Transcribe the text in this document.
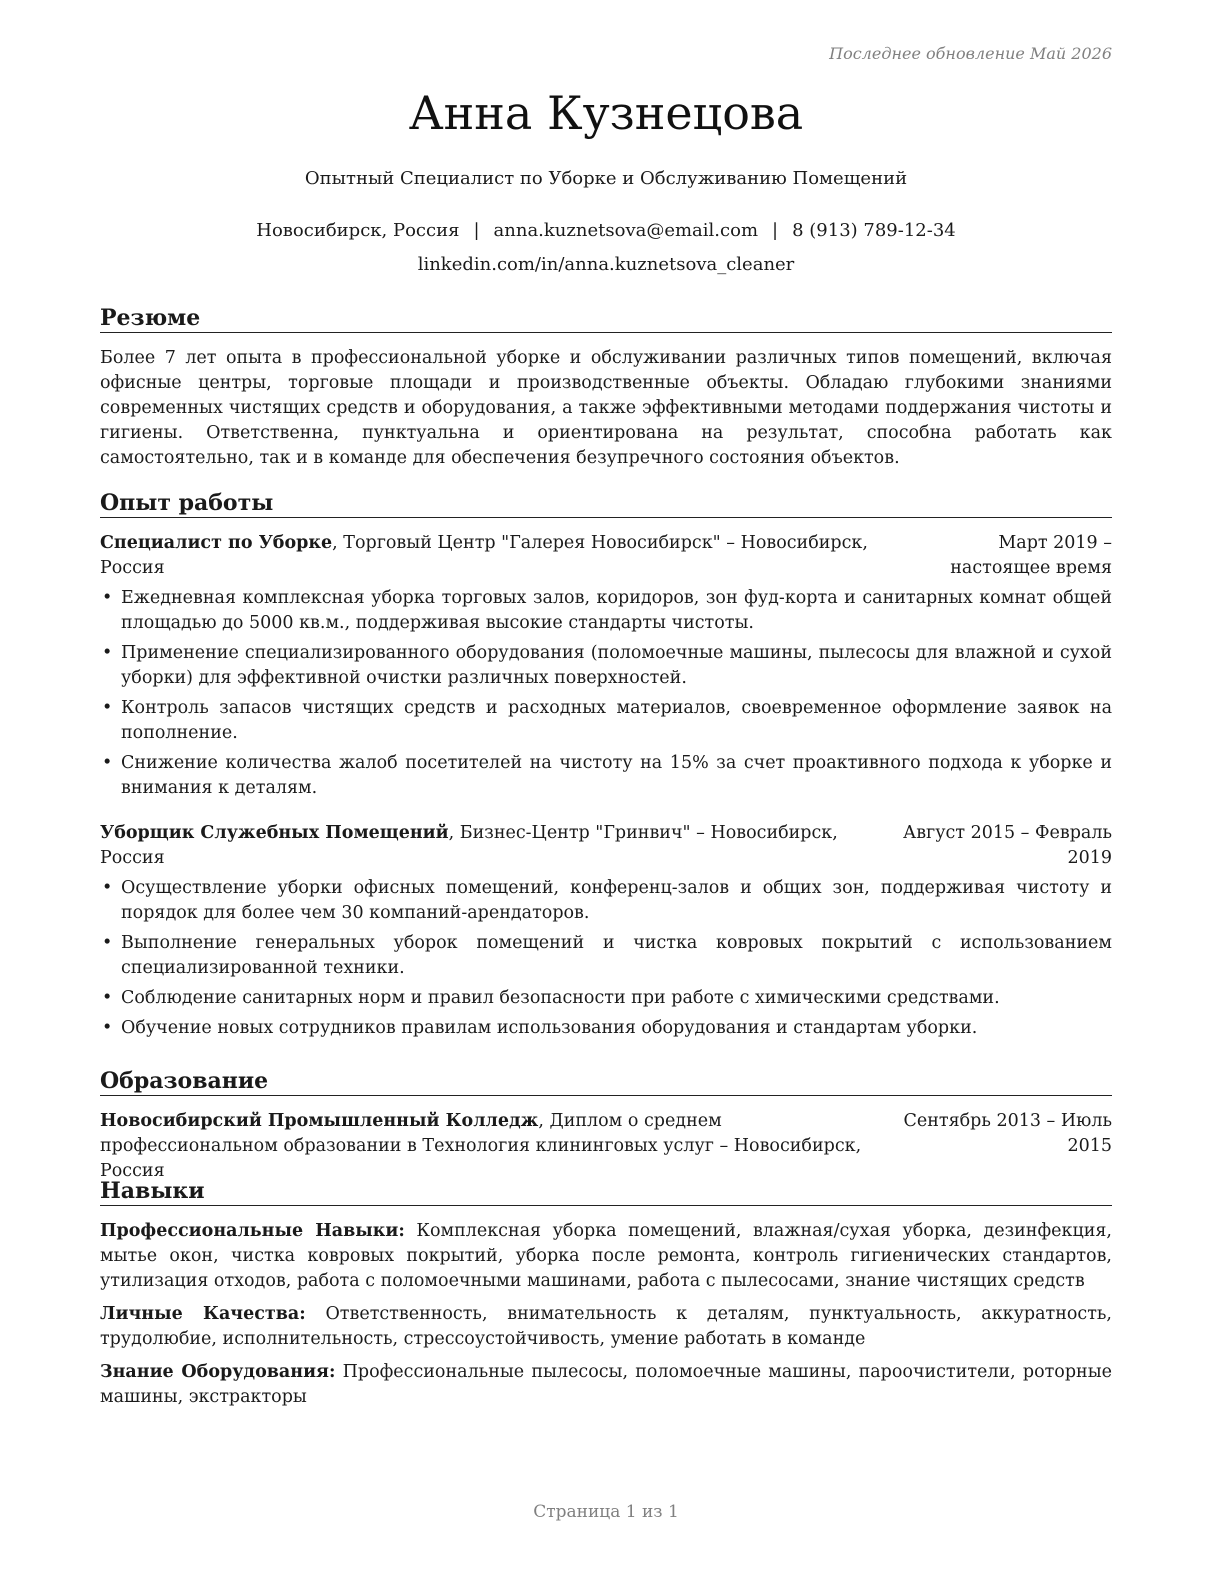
Последнее обновление Май 2026
Анна Кузнецова
Опытный Специалист по Уборке и Обслуживанию Помещений
Новосибирск, Россия | anna.kuznetsova@email.com | 8 (913) 789-12-34
linkedin.com/in/anna.kuznetsova_cleaner
Резюме

Более 7 лет опыта в профессиональной уборке и обслуживании различных типов помещений, включая офисные центры, торговые площади и производственные объекты. Обладаю глубокими знаниями современных чистящих средств и оборудования, а также эффективными методами поддержания чистоты и гигиены. Ответственна, пунктуальна и ориентирована на результат, способна работать как самостоятельно, так и в команде для обеспечения безупречного состояния объектов.

Опыт работы
Специалист по Уборке, Торговый Центр "Галерея Новосибирск" – Новосибирск, Россия
Март 2019 – настоящее время
• Ежедневная комплексная уборка торговых залов, коридоров, зон фуд-корта и санитарных комнат общей площадью до 5000 кв.м., поддерживая высокие стандарты чистоты.
• Применение специализированного оборудования (поломоечные машины, пылесосы для влажной и сухой уборки) для эффективной очистки различных поверхностей.
• Контроль запасов чистящих средств и расходных материалов, своевременное оформление заявок на пополнение.
• Снижение количества жалоб посетителей на чистоту на 15% за счет проактивного подхода к уборке и внимания к деталям.
Уборщик Служебных Помещений, Бизнес-Центр "Гринвич" – Новосибирск, Россия
Август 2015 – Февраль 2019
• Осуществление уборки офисных помещений, конференц-залов и общих зон, поддерживая чистоту и порядок для более чем 30 компаний-арендаторов.
• Выполнение генеральных уборок помещений и чистка ковровых покрытий с использованием специализированной техники.
• Соблюдение санитарных норм и правил безопасности при работе с химическими средствами.
• Обучение новых сотрудников правилам использования оборудования и стандартам уборки.
Образование
Новосибирский Промышленный Колледж, Диплом о среднем профессиональном образовании в Технология клининговых услуг – Новосибирск, Россия
Сентябрь 2013 – Июль 2015
Навыки
Профессиональные Навыки: Комплексная уборка помещений, влажная/сухая уборка, дезинфекция, мытье окон, чистка ковровых покрытий, уборка после ремонта, контроль гигиенических стандартов, утилизация отходов, работа с поломоечными машинами, работа с пылесосами, знание чистящих средств
Личные Качества: Ответственность, внимательность к деталям, пунктуальность, аккуратность, трудолюбие, исполнительность, стрессоустойчивость, умение работать в команде
Знание Оборудования: Профессиональные пылесосы, поломоечные машины, пароочистители, роторные машины, экстракторы
Страница 1 из 1
